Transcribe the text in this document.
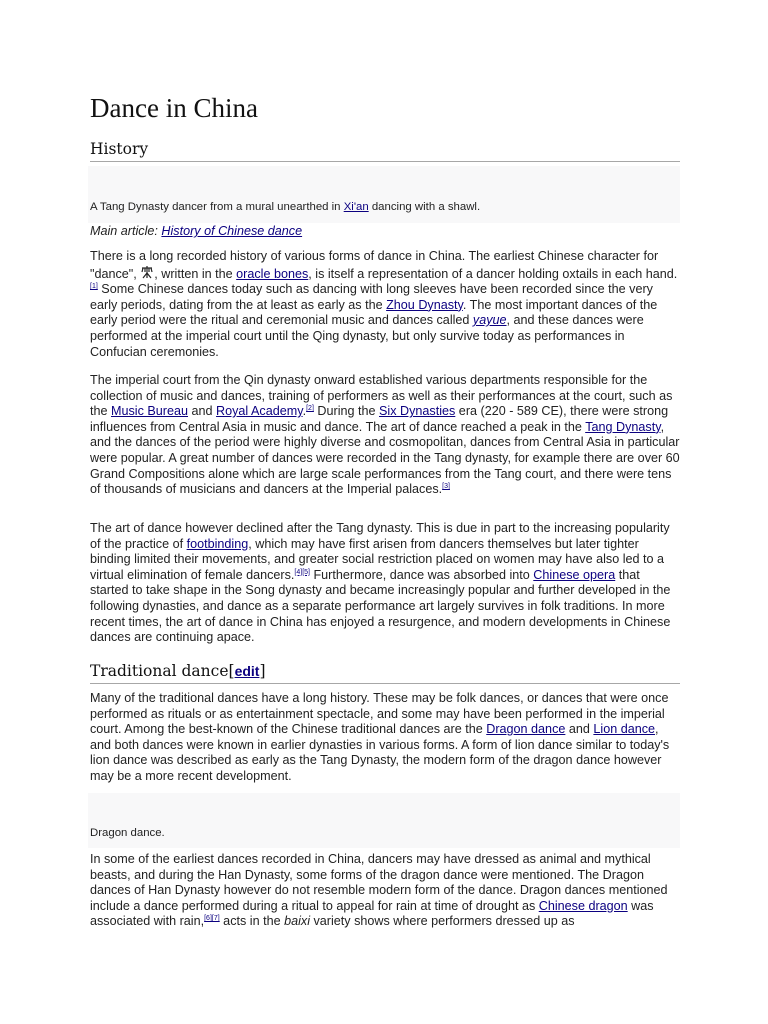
Dance in China
History
A Tang Dynasty dancer from a mural unearthed in Xi'an dancing with a shawl.
Main article: History of Chinese dance

There is a long recorded history of various forms of dance in China. The earliest Chinese character for "dance", , written in the oracle bones, is itself a representation of a dancer holding oxtails in each hand.[1] Some Chinese dances today such as dancing with long sleeves have been recorded since the very early periods, dating from the at least as early as the Zhou Dynasty. The most important dances of the early period were the ritual and ceremonial music and dances called yayue, and these dances were performed at the imperial court until the Qing dynasty, but only survive today as performances in Confucian ceremonies.

The imperial court from the Qin dynasty onward established various departments responsible for the collection of music and dances, training of performers as well as their performances at the court, such as the Music Bureau and Royal Academy.[2] During the Six Dynasties era (220 - 589 CE), there were strong influences from Central Asia in music and dance. The art of dance reached a peak in the Tang Dynasty, and the dances of the period were highly diverse and cosmopolitan, dances from Central Asia in particular were popular. A great number of dances were recorded in the Tang dynasty, for example there are over 60 Grand Compositions alone which are large scale performances from the Tang court, and there were tens of thousands of musicians and dancers at the Imperial palaces.[3]

The art of dance however declined after the Tang dynasty. This is due in part to the increasing popularity of the practice of footbinding, which may have first arisen from dancers themselves but later tighter binding limited their movements, and greater social restriction placed on women may have also led to a virtual elimination of female dancers.[4][5] Furthermore, dance was absorbed into Chinese opera that started to take shape in the Song dynasty and became increasingly popular and further developed in the following dynasties, and dance as a separate performance art largely survives in folk traditions. In more recent times, the art of dance in China has enjoyed a resurgence, and modern developments in Chinese dances are continuing apace.

Traditional dance[edit]

Many of the traditional dances have a long history. These may be folk dances, or dances that were once performed as rituals or as entertainment spectacle, and some may have been performed in the imperial court. Among the best-known of the Chinese traditional dances are the Dragon dance and Lion dance, and both dances were known in earlier dynasties in various forms. A form of lion dance similar to today's lion dance was described as early as the Tang Dynasty, the modern form of the dragon dance however may be a more recent development.

Dragon dance.

In some of the earliest dances recorded in China, dancers may have dressed as animal and mythical beasts, and during the Han Dynasty, some forms of the dragon dance were mentioned. The Dragon dances of Han Dynasty however do not resemble modern form of the dance. Dragon dances mentioned include a dance performed during a ritual to appeal for rain at time of drought as Chinese dragon was associated with rain,[6][7] acts in the baixi variety shows where performers dressed up as
